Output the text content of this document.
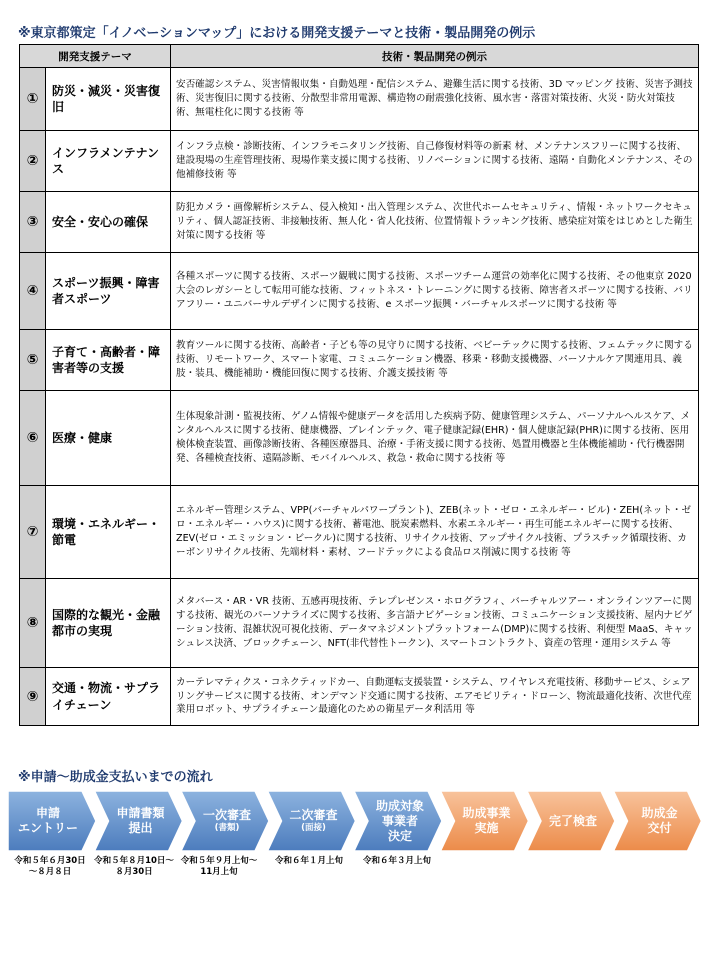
※東京都策定「イノベーションマップ」における開発支援テーマと技術・製品開発の例示
開発支援テーマ		技術・製品開発の例示
①	防災・減災・災害復旧	安否確認システム、災害情報収集・自動処理・配信システム、避難生活に関する技術、3D マッピング 技術、災害予測技術、災害復旧に関する技術、分散型非常用電源、構造物の耐震強化技術、風水害・落雷対策技術、火災・防火対策技 術、無電柱化に関する技術 等
②	インフラメンテナンス	インフラ点検・診断技術、インフラモニタリング技術、自己修復材料等の新素 材、メンテナンスフリーに関する技術、建設現場の生産管理技術、現場作業支援に関する技術、リノベーションに関する技術、遠隔・自動化メンテナンス、その他補修技術 等
③	安全・安心の確保	防犯カメラ・画像解析システム、侵入検知・出入管理システム、次世代ホームセキュリティ、情報・ネットワークセキュリティ、個人認証技術、非接触技術、無人化・省人化技術、位置情報トラッキング技術、感染症対策をはじめとした衛生対策に関する技術 等
④	スポーツ振興・障害者スポーツ	各種スポーツに関する技術、スポーツ観戦に関する技術、スポーツチーム運営の効率化に関する技術、その他東京 2020 大会のレガシーとして転用可能な技術、フィットネス・トレーニングに関する技術、障害者スポーツに関する技術、バリアフリー・ユニバーサルデザインに関する技術、e スポーツ振興・バーチャルスポーツに関する技術 等
⑤	子育て・高齢者・障害者等の支援	教育ツールに関する技術、高齢者・子ども等の見守りに関する技術、ベビーテックに関する技術、フェムテックに関する技術、リモートワーク、スマート家電、コミュニケーション機器、移乗・移動支援機器、パーソナルケア関連用具、義 肢・装具、機能補助・機能回復に関する技術、介護支援技術 等
⑥	医療・健康	生体現象計測・監視技術、ゲノム情報や健康データを活用した疾病予防、健康管理システム、パーソナルヘルスケア、メンタルヘルスに関する技術、健康機器、ブレインテック、電子健康記録(EHR)・個人健康記録(PHR)に関する技術、医用検体検査装置、画像診断技術、各種医療器具、治療・手術支援に関する技術、処置用機器と生体機能補助・代行機器開発、各種検査技術、遠隔診断、モバイルヘルス、救急・救命に関する技術 等
⑦	環境・エネルギー・節電	エネルギー管理システム、VPP(バーチャルパワープラント)、ZEB(ネット・ゼロ・エネルギー・ビル)・ZEH(ネット・ゼロ・エネルギー・ハウス)に関する技術、蓄電池、脱炭素燃料、水素エネルギー・再生可能エネルギーに関する技術、ZEV(ゼロ・エミッション・ビークル)に関する技術、リサイクル技術、アップサイクル技術、プラスチック循環技術、カーボンリサイクル技術、先端材料・素材、フードテックによる食品ロス削減に関する技術 等
⑧	国際的な観光・金融都市の実現	メタバース・AR・VR 技術、五感再現技術、テレプレゼンス・ホログラフィ、バーチャルツアー・オンラインツアーに関する技術、観光のパーソナライズに関する技術、多言語ナビゲーション技術、コミュニケーション支援技術、屋内ナビゲーション技術、混雑状況可視化技術、データマネジメントプラットフォーム(DMP)に関する技術、利便型 MaaS、キャッシュレス決済、ブロックチェーン、NFT(非代替性トークン)、スマートコントラクト、資産の管理・運用システム 等
⑨	交通・物流・サプライチェーン	カーテレマティクス・コネクティッドカー、自動運転支援装置・システム、ワイヤレス充電技術、移動サービス、シェアリングサービスに関する技術、オンデマンド交通に関する技術、エアモビリティ・ドローン、物流最適化技術、次世代産業用ロボット、サプライチェーン最適化のための衛星データ利活用 等
※申請～助成金支払いまでの流れ
申請
エントリー
申請書類
提出
一次審査
(書類)
二次審査
(面接)
助成対象
事業者
決定
助成事業
実施
完了検査
助成金
交付
令和５年６月30日
～８月８日
令和５年８月10日～
８月30日
令和５年９月上旬～
11月上旬
令和６年１月上旬	令和６年３月上旬
